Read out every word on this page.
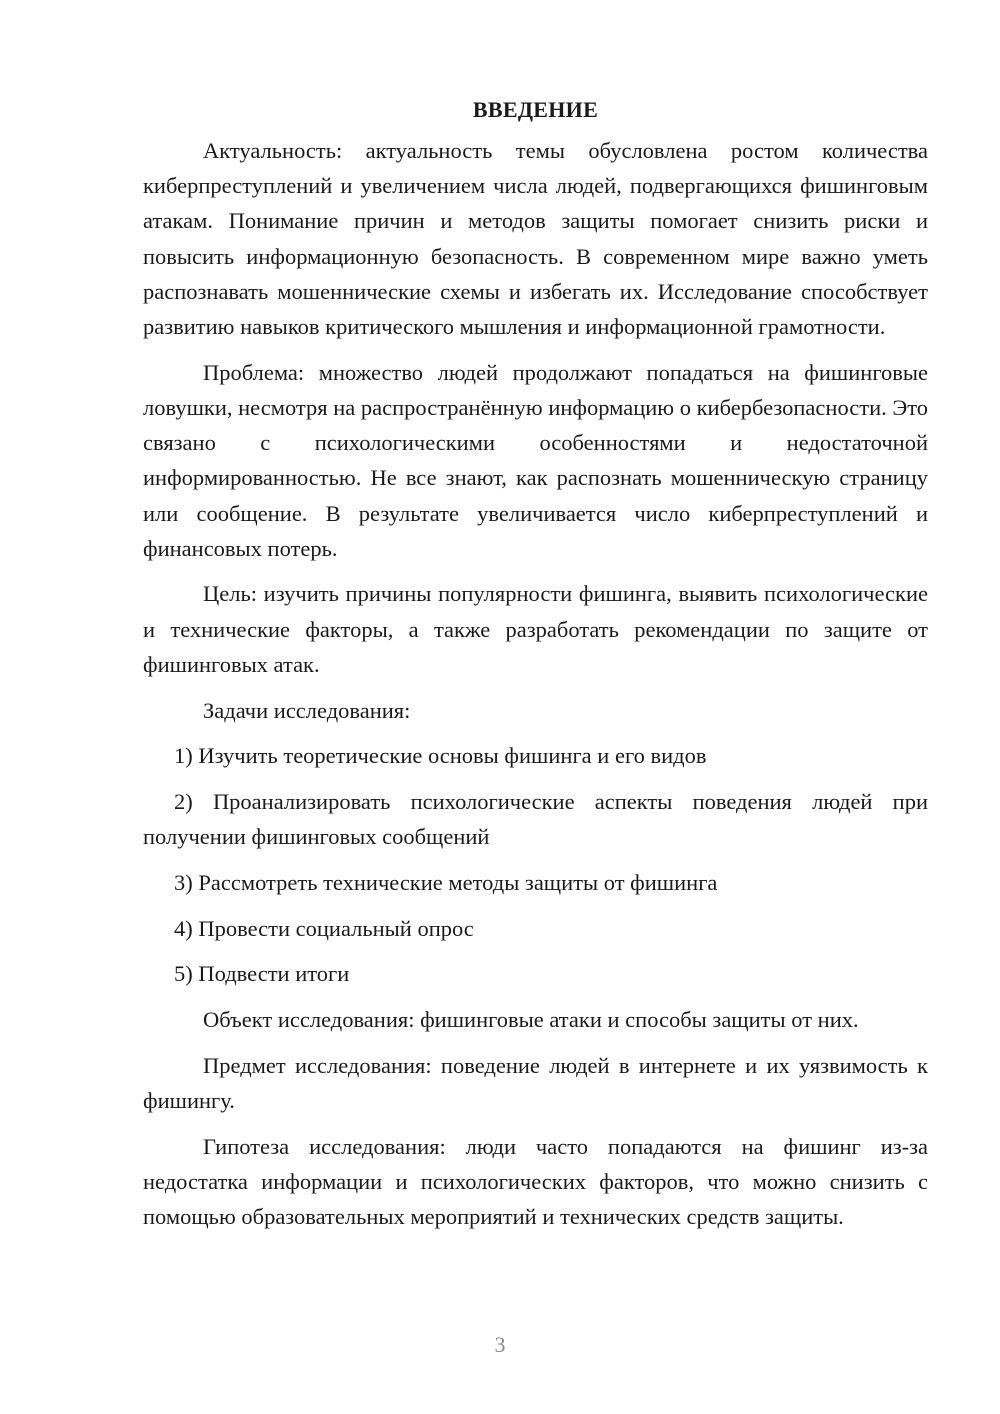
ВВЕДЕНИЕ

Актуальность: актуальность темы обусловлена ростом количества киберпреступлений и увеличением числа людей, подвергающихся фишинговым атакам. Понимание причин и методов защиты помогает снизить риски и повысить информационную безопасность. В современном мире важно уметь распознавать мошеннические схемы и избегать их. Исследование способствует развитию навыков критического мышления и информационной грамотности.

Проблема: множество людей продолжают попадаться на фишинговые ловушки, несмотря на распространённую информацию о кибербезопасности. Это связано с психологическими особенностями и недостаточной информированностью. Не все знают, как распознать мошенническую страницу или сообщение. В результате увеличивается число киберпреступлений и финансовых потерь.

Цель: изучить причины популярности фишинга, выявить психологические и технические факторы, а также разработать рекомендации по защите от фишинговых атак.

Задачи исследования:

1) Изучить теоретические основы фишинга и его видов

2) Проанализировать психологические аспекты поведения людей при получении фишинговых сообщений

3) Рассмотреть технические методы защиты от фишинга

4) Провести социальный опрос

5) Подвести итоги

Объект исследования: фишинговые атаки и способы защиты от них.

Предмет исследования: поведение людей в интернете и их уязвимость к фишингу.

Гипотеза исследования: люди часто попадаются на фишинг из-за недостатка информации и психологических факторов, что можно снизить с помощью образовательных мероприятий и технических средств защиты.

3
